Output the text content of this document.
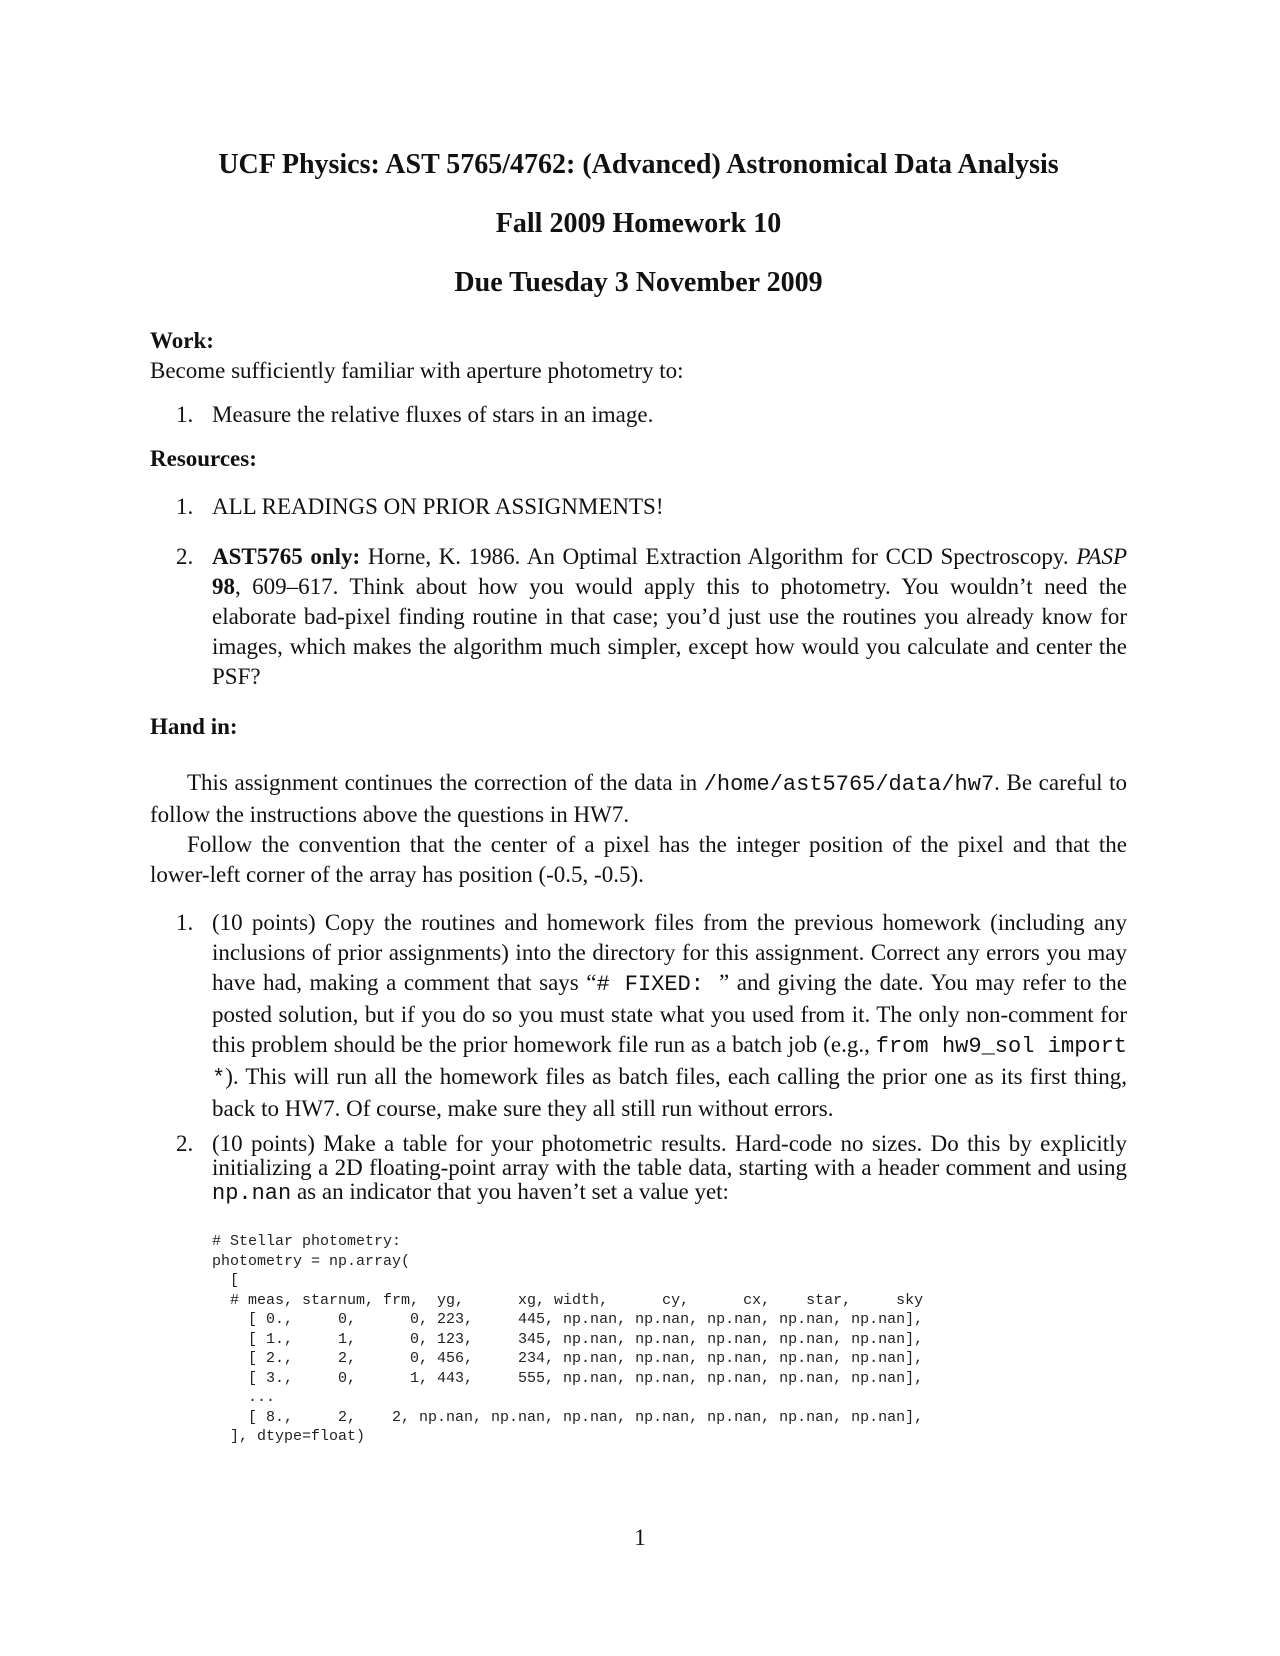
UCF Physics: AST 5765/4762: (Advanced) Astronomical Data Analysis
Fall 2009 Homework 10
Due Tuesday 3 November 2009

Work:

Become sufficiently familiar with aperture photometry to:

1. Measure the relative fluxes of stars in an image.

Resources:

1. ALL READINGS ON PRIOR ASSIGNMENTS!
2. AST5765 only: Horne, K. 1986. An Optimal Extraction Algorithm for CCD Spectroscopy. PASP 98, 609–617. Think about how you would apply this to photometry. You wouldn’t need the elaborate bad-pixel finding routine in that case; you’d just use the routines you already know for images, which makes the algorithm much simpler, except how would you calculate and center the PSF?

Hand in:

This assignment continues the correction of the data in /home/ast5765/data/hw7. Be careful to follow the instructions above the questions in HW7.

Follow the convention that the center of a pixel has the integer position of the pixel and that the lower-left corner of the array has position (-0.5, -0.5).

1. (10 points) Copy the routines and homework files from the previous homework (including any inclusions of prior assignments) into the directory for this assignment. Correct any errors you may have had, making a comment that says “# FIXED: ” and giving the date. You may refer to the posted solution, but if you do so you must state what you used from it. The only non-comment for this problem should be the prior homework file run as a batch job (e.g., from hw9_sol import *). This will run all the homework files as batch files, each calling the prior one as its first thing, back to HW7. Of course, make sure they all still run without errors.
2. (10 points) Make a table for your photometric results. Hard-code no sizes. Do this by explicitly initializing a 2D floating-point array with the table data, starting with a header comment and using np.nan as an indicator that you haven’t set a value yet:
# Stellar photometry:
photometry = np.array(
[
# meas, starnum, frm,  yg,      xg, width,      cy,      cx,    star,     sky
[ 0.,     0,      0, 223,     445, np.nan, np.nan, np.nan, np.nan, np.nan],
[ 1.,     1,      0, 123,     345, np.nan, np.nan, np.nan, np.nan, np.nan],
[ 2.,     2,      0, 456,     234, np.nan, np.nan, np.nan, np.nan, np.nan],
[ 3.,     0,      1, 443,     555, np.nan, np.nan, np.nan, np.nan, np.nan],
...
[ 8.,     2,    2, np.nan, np.nan, np.nan, np.nan, np.nan, np.nan, np.nan],
], dtype=float)
1
